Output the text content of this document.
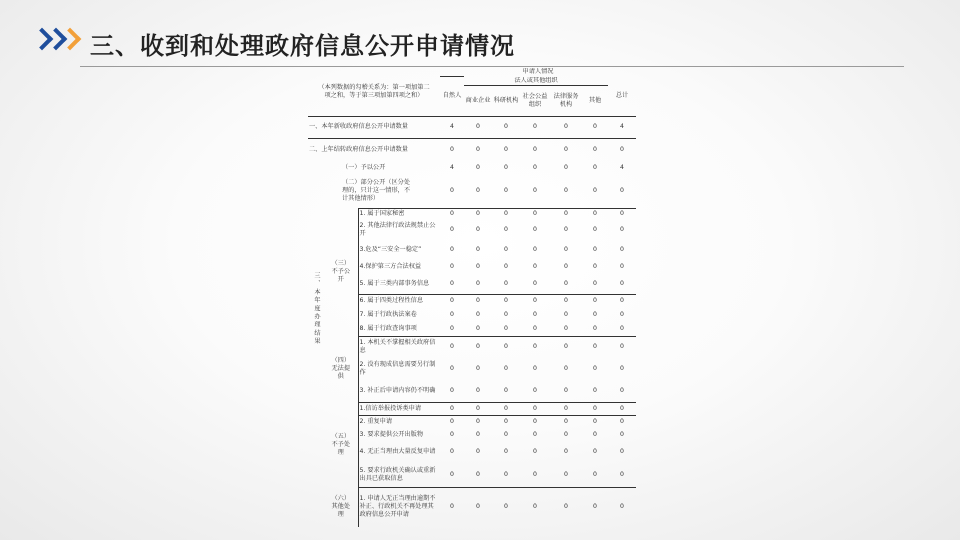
三、收到和处理政府信息公开申请情况
（本列数据的勾稽关系为：第一项加第二项之和，等于第三项加第四项之和）			申请人情况						
			自然人	法人或其他组织					总计
				商业企业	科研机构	社会公益组织	法律服务机构	其他	
一、本年新收政府信息公开申请数量			4	0	0	0	0	0	4
二、上年结转政府信息公开申请数量			0	0	0	0	0	0	0
三、本年度办理结果	（一）予以公开		4	0	0	0	0	0	4
	（二）部分公开（区分处理的，只计这一情形，不计其他情形）		0	0	0	0	0	0	0
	（三）不予公开	1. 属于国家秘密	0	0	0	0	0	0	0
		2. 其他法律行政法规禁止公开	0	0	0	0	0	0	0
		3.危及“三安全一稳定”	0	0	0	0	0	0	0
		4.保护第三方合法权益	0	0	0	0	0	0	0
		5. 属于三类内部事务信息	0	0	0	0	0	0	0
		6. 属于四类过程性信息	0	0	0	0	0	0	0
		7. 属于行政执法案卷	0	0	0	0	0	0	0
		8. 属于行政查询事项	0	0	0	0	0	0	0
	（四）无法提供	1. 本机关不掌握相关政府信息	0	0	0	0	0	0	0
		2. 没有现成信息需要另行制作	0	0	0	0	0	0	0
		3. 补正后申请内容仍不明确	0	0	0	0	0	0	0
	（五）不予处理	1.信访举报投诉类申请	0	0	0	0	0	0	0
		2. 重复申请	0	0	0	0	0	0	0
		3. 要求提供公开出版物	0	0	0	0	0	0	0
		4. 无正当理由大量反复申请	0	0	0	0	0	0	0
		5. 要求行政机关确认或重新出具已获取信息	0	0	0	0	0	0	0
	（六）其他处理	1. 申请人无正当理由逾期不补正、行政机关不再处理其政府信息公开申请	0	0	0	0	0	0	0
